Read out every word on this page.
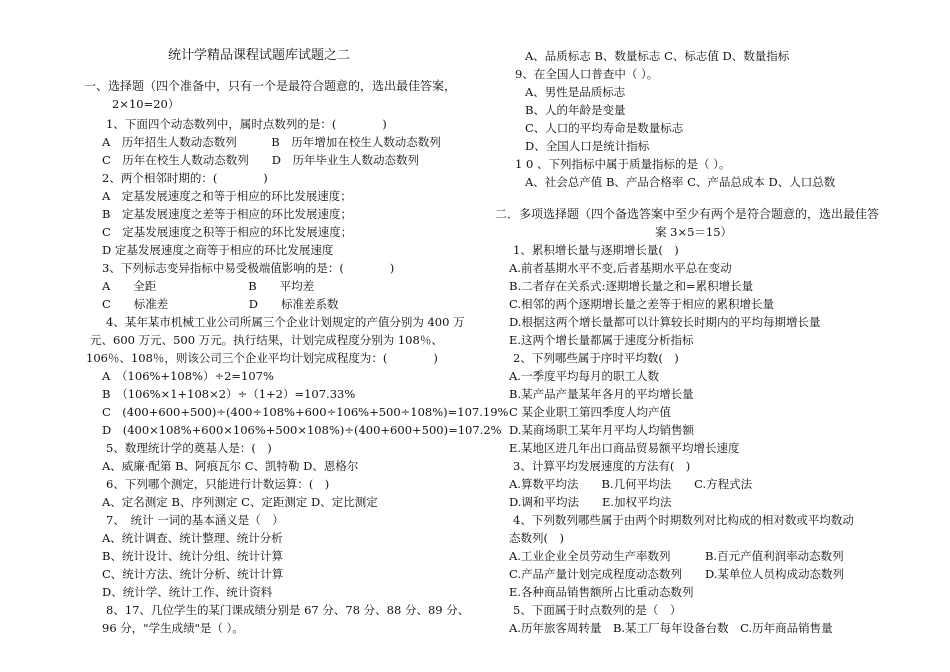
统计学精品课程试题库试题之二
一、选择题（四个准备中，只有一个是最符合题意的，选出最佳答案，
2×10=20）
1、下面四个动态数列中，属时点数列的是：(　　　　)
A　历年招生人数动态数列　　　B　历年增加在校生人数动态数列
C　历年在校生人数动态数列　　D　历年毕业生人数动态数列
2、两个相邻时期的：(　　　　)
A　定基发展速度之和等于相应的环比发展速度；
B　定基发展速度之差等于相应的环比发展速度；
C　定基发展速度之积等于相应的环比发展速度；
D 定基发展速度之商等于相应的环比发展速度
3、下列标志变异指标中易受极端值影响的是：(　　　　)
A　　全距　　　　　　　　B　　平均差
C　　标准差　　　　　　　D　　标准差系数
4、某年某市机械工业公司所属三个企业计划规定的产值分别为 400 万
元、600 万元、500 万元。执行结果，计划完成程度分别为 108％、
106％、108％，则该公司三个企业平均计划完成程度为：(　　　　)
A　（106%+108%）÷2=107%
B　（106%×1+108×2）÷（1+2）=107.33%
C　(400+600+500)÷(400÷108%+600÷106%+500÷108%)=107.19%
D　(400×108%+600×106%+500×108%)÷(400+600+500)=107.2%
5、数理统计学的奠基人是：(　)
A、威廉·配第 B、阿痕瓦尔 C、凯特勒 D、恩格尔
6、下列哪个测定，只能进行计数运算：(　)
A、定名测定 B、序列测定 C、定距测定 D、定比测定
7、　统计 一词的基本涵义是（　）
A、统计调查、统计整理、统计分析
B、统计设计、统计分组、统计计算
C、统计方法、统计分析、统计计算
D、统计学、统计工作、统计资料
8、17、几位学生的某门课成绩分别是 67 分、78 分、88 分、89 分、
96 分，"学生成绩"是（ ）。
A、品质标志 B、数量标志 C、标志值 D、数量指标
9、在全国人口普查中（ ）。
A、男性是品质标志
B、人的年龄是变量
C、人口的平均寿命是数量标志
D、全国人口是统计指标
1 0 、下列指标中属于质量指标的是（ ）。
A、社会总产值 B、产品合格率 C、产品总成本 D、人口总数
二．多项选择题（四个备选答案中至少有两个是符合题意的，选出最佳答
案 3×5＝15）
1、累积增长量与逐期增长量(　)
A.前者基期水平不变,后者基期水平总在变动
B.二者存在关系式:逐期增长量之和=累积增长量
C.相邻的两个逐期增长量之差等于相应的累积增长量
D.根据这两个增长量都可以计算较长时期内的平均每期增长量
E.这两个增长量都属于速度分析指标
2、下列哪些属于序时平均数(　)
A.一季度平均每月的职工人数
B.某产品产量某年各月的平均增长量
C 某企业职工第四季度人均产值
D.某商场职工某年月平均人均销售额
E.某地区进几年出口商品贸易额平均增长速度
3、计算平均发展速度的方法有(　)
A.算数平均法　　B.几何平均法　　C.方程式法
D.调和平均法　　E.加权平均法
4、下列数列哪些属于由两个时期数列对比构成的相对数或平均数动
态数列(　)
A.工业企业全员劳动生产率数列　　　B.百元产值利润率动态数列
C.产品产量计划完成程度动态数列　　D.某单位人员构成动态数列
E.各种商品销售额所占比重动态数列
5、下面属于时点数列的是（　）
A.历年旅客周转量　B.某工厂每年设备台数　C.历年商品销售量
